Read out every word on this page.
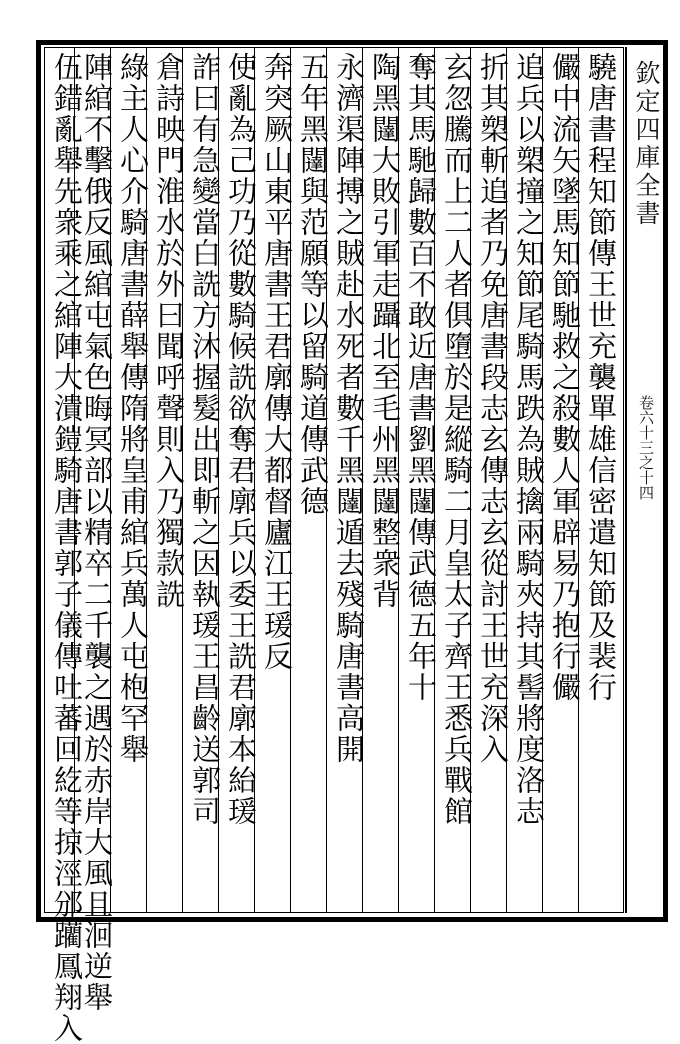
欽定四庫全書
卷六十三之十四
驍唐書程知節傳王世充襲單雄信密遣知節及裴行
儼中流矢墜馬知節馳救之殺數人軍辟易乃抱行儼
追兵以槊撞之知節尾騎馬跌為賊擒兩騎夾持其髻將度洛志
折其槊斬追者乃免唐書段志玄傳志玄從討王世充深入
玄忽騰而上二人者俱墮於是縱騎二月皇太子齊王悉兵戰館
奪其馬馳歸數百不敢近唐書劉黑闥傳武德五年十
陶黑闥大敗引軍走躡北至毛州黑闥整衆背
永濟渠陣搏之賊赴水死者數千黑闥遁去殘騎唐書高開
五年黑闥與范願等以留騎道傳武德
奔突厥山東平唐書王君廓傳大都督廬江王瑗反
使亂為己功乃從數騎候詵欲奪君廓兵以委王詵君廓本紿瑗
詐曰有急變當白詵方沐握髮出即斬之因執瑗王昌齡送郭司
倉詩映門淮水於外曰聞呼聲則入乃獨款詵
綠主人心介騎唐書薛舉傳隋將皇甫綰兵萬人屯枹罕舉
陣綰不擊俄反風綰屯氣色晦冥部以精卒二千襲之遇於赤岸大風且洄逆舉
伍錯亂舉先衆乘之綰陣大潰鎧騎唐書郭子儀傳吐蕃回紇等掠涇邠躪鳳翔入
